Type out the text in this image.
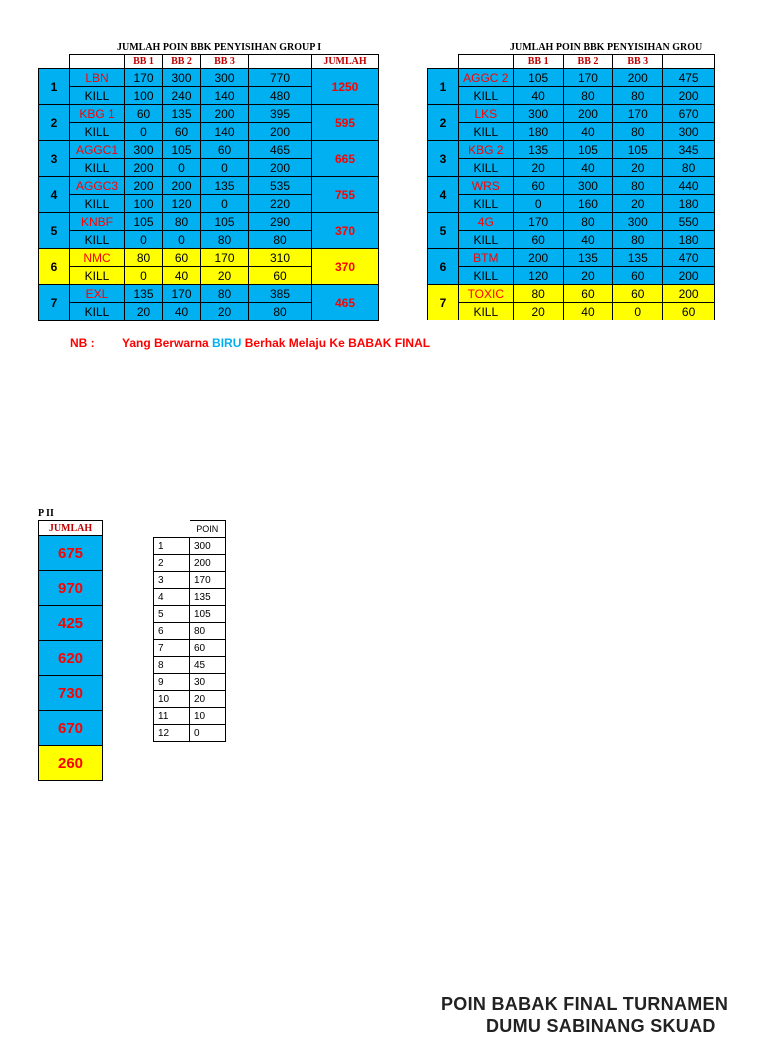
JUMLAH POIN BBK PENYISIHAN GROUP I
		BB 1	BB 2	BB 3		JUMLAH
1	LBN	170	300	300	770	1250
	KILL	100	240	140	480	
2	KBG 1	60	135	200	395	595
	KILL	0	60	140	200	
3	AGGC1	300	105	60	465	665
	KILL	200	0	0	200	
4	AGGC3	200	200	135	535	755
	KILL	100	120	0	220	
5	KNBF	105	80	105	290	370
	KILL	0	0	80	80	
6	NMC	80	60	170	310	370
	KILL	0	40	20	60	
7	EXL	135	170	80	385	465
	KILL	20	40	20	80	
JUMLAH POIN BBK PENYISIHAN GROU
		BB 1	BB 2	BB 3	
1	AGGC 2	105	170	200	475
	KILL	40	80	80	200
2	LKS	300	200	170	670
	KILL	180	40	80	300
3	KBG 2	135	105	105	345
	KILL	20	40	20	80
4	WRS	60	300	80	440
	KILL	0	160	20	180
5	4G	170	80	300	550
	KILL	60	40	80	180
6	BTM	200	135	135	470
	KILL	120	20	60	200
7	TOXIC	80	60	60	200
	KILL	20	40	0	60
NB : Yang Berwarna BIRU Berhak Melaju Ke BABAK FINAL
P II
JUMLAH
675
970
425
620
730
670
260
	POIN
1	300
2	200
3	170
4	135
5	105
6	80
7	60
8	45
9	30
10	20
11	10
12	0
POIN BABAK FINAL TURNAMEN
DUMU SABINANG SKUAD
